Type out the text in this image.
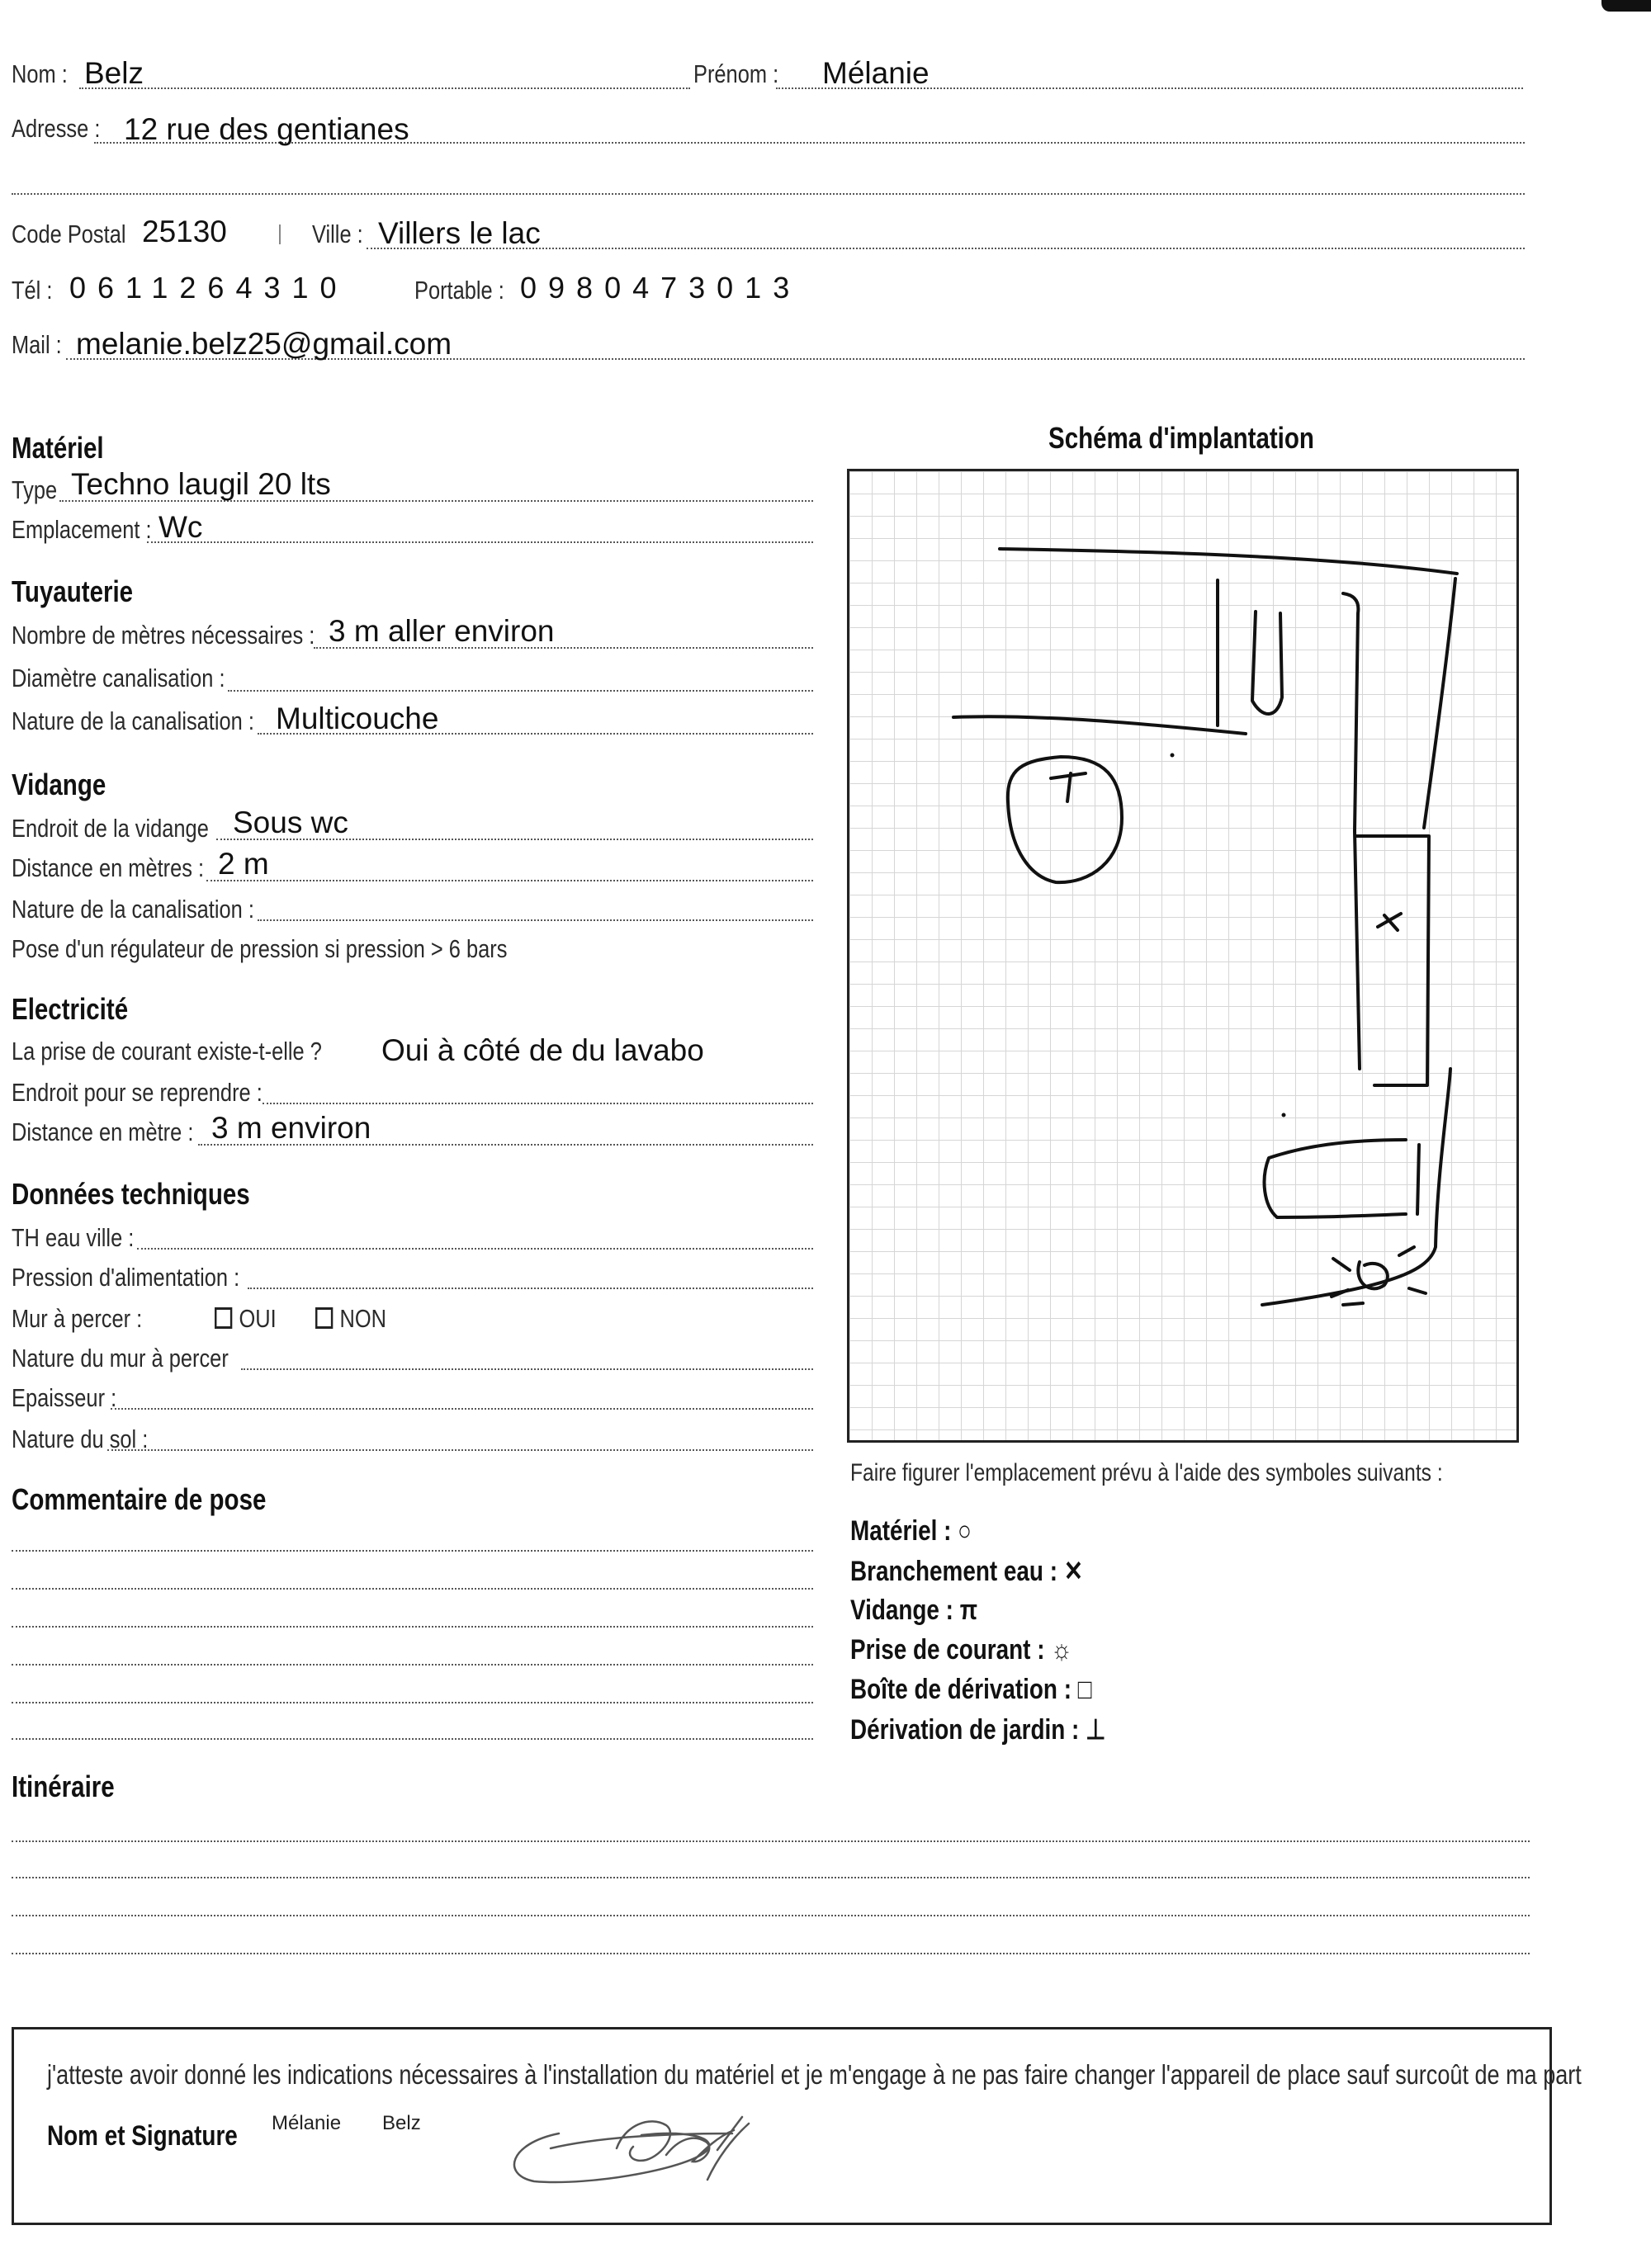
Nom : Belz	Prénom : Mélanie
Adresse : 12 rue des gentianes
Code Postal 25130	Ville : Villers le lac
Tél : 0611264310	Portable : 0980473013
Mail : melanie.belz25@gmail.com
Matériel
Type Techno laugil 20 lts
Emplacement : Wc
Tuyauterie
Nombre de mètres nécessaires : 3 m aller environ
Diamètre canalisation :
Nature de la canalisation : Multicouche
Vidange
Endroit de la vidange Sous wc
Distance en mètres : 2 m
Nature de la canalisation :
Pose d'un régulateur de pression si pression > 6 bars
Electricité
La prise de courant existe-t-elle ? Oui à côté de du lavabo
Endroit pour se reprendre :
Distance en mètre : 3 m environ
Données techniques
TH eau ville :
Pression d'alimentation :
Mur à percer :	OUI	NON
Nature du mur à percer
Epaisseur :
Nature du sol :
Commentaire de pose
Itinéraire
Schéma d'implantation
Faire figurer l'emplacement prévu à l'aide des symboles suivants :
Matériel : ○
Branchement eau : ✕
Vidange : π
Prise de courant : ☼
Boîte de dérivation : □
Dérivation de jardin : ⊥
j'atteste avoir donné les indications nécessaires à l'installation du matériel et je m'engage à ne pas faire changer l'appareil de place sauf surcoût de ma part
Nom et Signature Mélanie Belz
